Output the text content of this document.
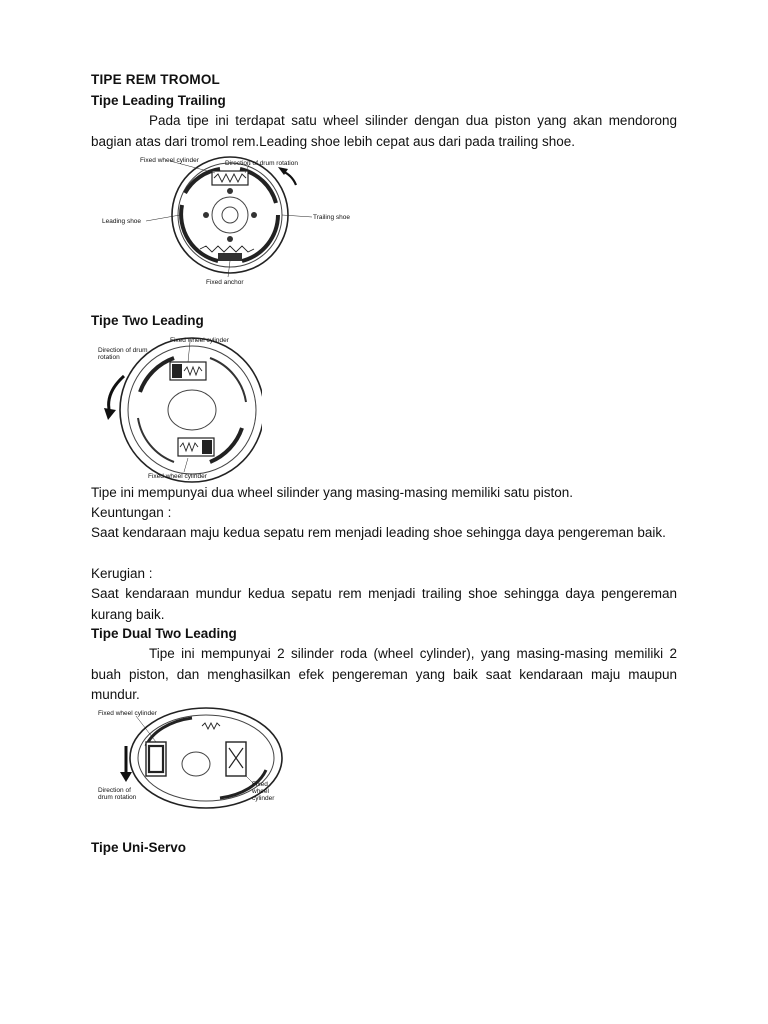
TIPE REM TROMOL
Tipe Leading Trailing
Pada tipe ini terdapat satu wheel silinder dengan dua piston yang akan mendorong bagian atas dari tromol rem.Leading shoe lebih cepat aus dari pada trailing shoe.
Fixed wheel cylinder	Direction of drum rotation
Leading shoe
Trailing shoe
Fixed anchor
Tipe Two Leading
Fixed wheel cylinder
Direction of drum
rotation
Fixed wheel cylinder
Tipe ini mempunyai dua wheel silinder yang masing-masing memiliki satu piston.
Keuntungan :
Saat kendaraan maju kedua sepatu rem menjadi leading shoe sehingga daya pengereman baik.
Kerugian :
Saat kendaraan mundur kedua sepatu rem menjadi trailing shoe sehingga daya pengereman kurang baik.
Tipe Dual Two Leading
Tipe ini mempunyai 2 silinder roda (wheel cylinder), yang masing-masing memiliki 2 buah piston, dan menghasilkan efek pengereman yang baik saat kendaraan maju maupun mundur.
Fixed wheel cylinder
Direction of
drum rotation
Fixed
wheel
cylinder
Tipe Uni-Servo
